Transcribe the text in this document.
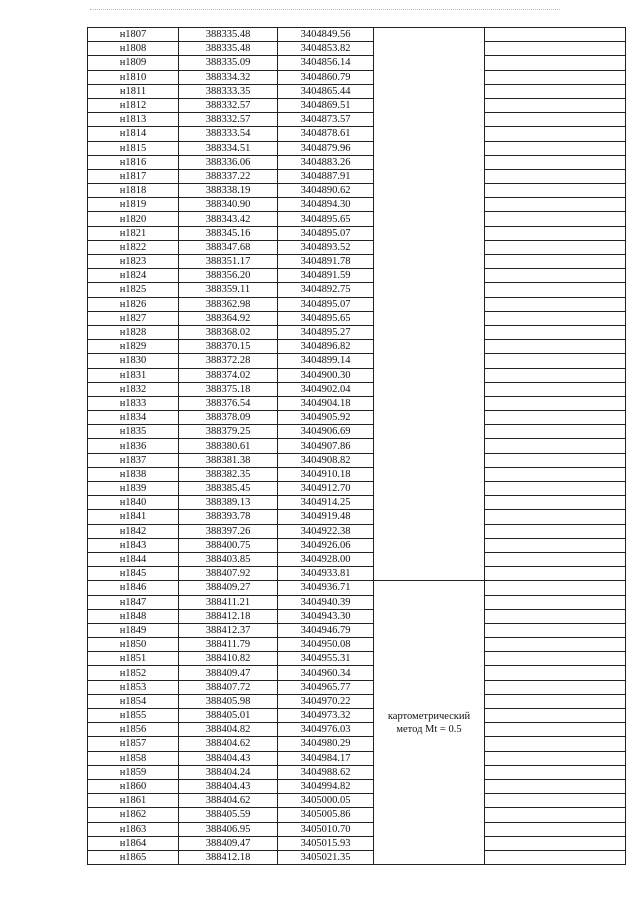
н1807	388335.48	3404849.56		
н1808	388335.48	3404853.82		
н1809	388335.09	3404856.14		
н1810	388334.32	3404860.79		
н1811	388333.35	3404865.44		
н1812	388332.57	3404869.51		
н1813	388332.57	3404873.57		
н1814	388333.54	3404878.61		
н1815	388334.51	3404879.96		
н1816	388336.06	3404883.26		
н1817	388337.22	3404887.91		
н1818	388338.19	3404890.62		
н1819	388340.90	3404894.30		
н1820	388343.42	3404895.65		
н1821	388345.16	3404895.07		
н1822	388347.68	3404893.52		
н1823	388351.17	3404891.78		
н1824	388356.20	3404891.59		
н1825	388359.11	3404892.75		
н1826	388362.98	3404895.07		
н1827	388364.92	3404895.65		
н1828	388368.02	3404895.27		
н1829	388370.15	3404896.82		
н1830	388372.28	3404899.14		
н1831	388374.02	3404900.30		
н1832	388375.18	3404902.04		
н1833	388376.54	3404904.18		
н1834	388378.09	3404905.92		
н1835	388379.25	3404906.69		
н1836	388380.61	3404907.86		
н1837	388381.38	3404908.82		
н1838	388382.35	3404910.18		
н1839	388385.45	3404912.70		
н1840	388389.13	3404914.25		
н1841	388393.78	3404919.48		
н1842	388397.26	3404922.38		
н1843	388400.75	3404926.06		
н1844	388403.85	3404928.00		
н1845	388407.92	3404933.81		
н1846	388409.27	3404936.71	картометрический метод Mt = 0.5	
н1847	388411.21	3404940.39		
н1848	388412.18	3404943.30		
н1849	388412.37	3404946.79		
н1850	388411.79	3404950.08		
н1851	388410.82	3404955.31		
н1852	388409.47	3404960.34		
н1853	388407.72	3404965.77		
н1854	388405.98	3404970.22		
н1855	388405.01	3404973.32		
н1856	388404.82	3404976.03		
н1857	388404.62	3404980.29		
н1858	388404.43	3404984.17		
н1859	388404.24	3404988.62		
н1860	388404.43	3404994.82		
н1861	388404.62	3405000.05		
н1862	388405.59	3405005.86		
н1863	388406.95	3405010.70		
н1864	388409.47	3405015.93		
н1865	388412.18	3405021.35		
